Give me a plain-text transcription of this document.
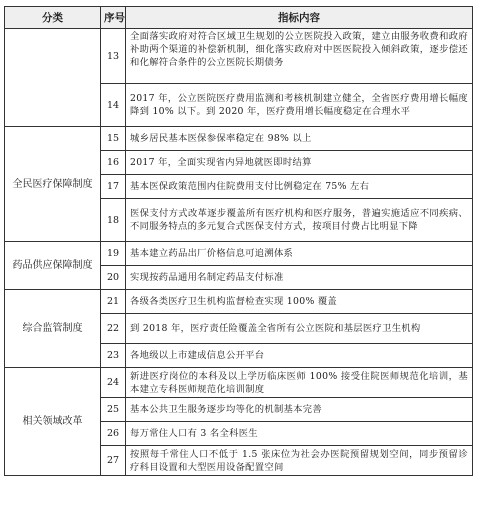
分类	序号	指标内容
	13	全面落实政府对符合区域卫生规划的公立医院投入政策，建立由服务收费和政府补助两个渠道的补偿新机制，细化落实政府对中医医院投入倾斜政策，逐步偿还和化解符合条件的公立医院长期债务

	14	2017 年，公立医院医疗费用监测和考核机制建立健全，全省医疗费用增长幅度降到 10% 以下。到 2020 年，医疗费用增长幅度稳定在合理水平
全民医疗保障制度	15	城乡居民基本医保参保率稳定在 98% 以上
	16	2017 年，全面实现省内异地就医即时结算
	17	基本医保政策范围内住院费用支付比例稳定在 75% 左右
	18	医保支付方式改革逐步覆盖所有医疗机构和医疗服务，普遍实施适应不同疾病、不同服务特点的多元复合式医保支付方式，按项目付费占比明显下降
药品供应保障制度	19	基本建立药品出厂价格信息可追溯体系
	20	实现按药品通用名制定药品支付标准
综合监管制度	21	各级各类医疗卫生机构监督检查实现 100% 覆盖
	22	到 2018 年，医疗责任险覆盖全省所有公立医院和基层医疗卫生机构
	23	各地级以上市建成信息公开平台
相关领域改革	24	新进医疗岗位的本科及以上学历临床医师 100% 接受住院医师规范化培训，基本建立专科医师规范化培训制度
	25	基本公共卫生服务逐步均等化的机制基本完善
	26	每万常住人口有 3 名全科医生
	27	按照每千常住人口不低于 1.5 张床位为社会办医院预留规划空间，同步预留诊疗科目设置和大型医用设备配置空间
